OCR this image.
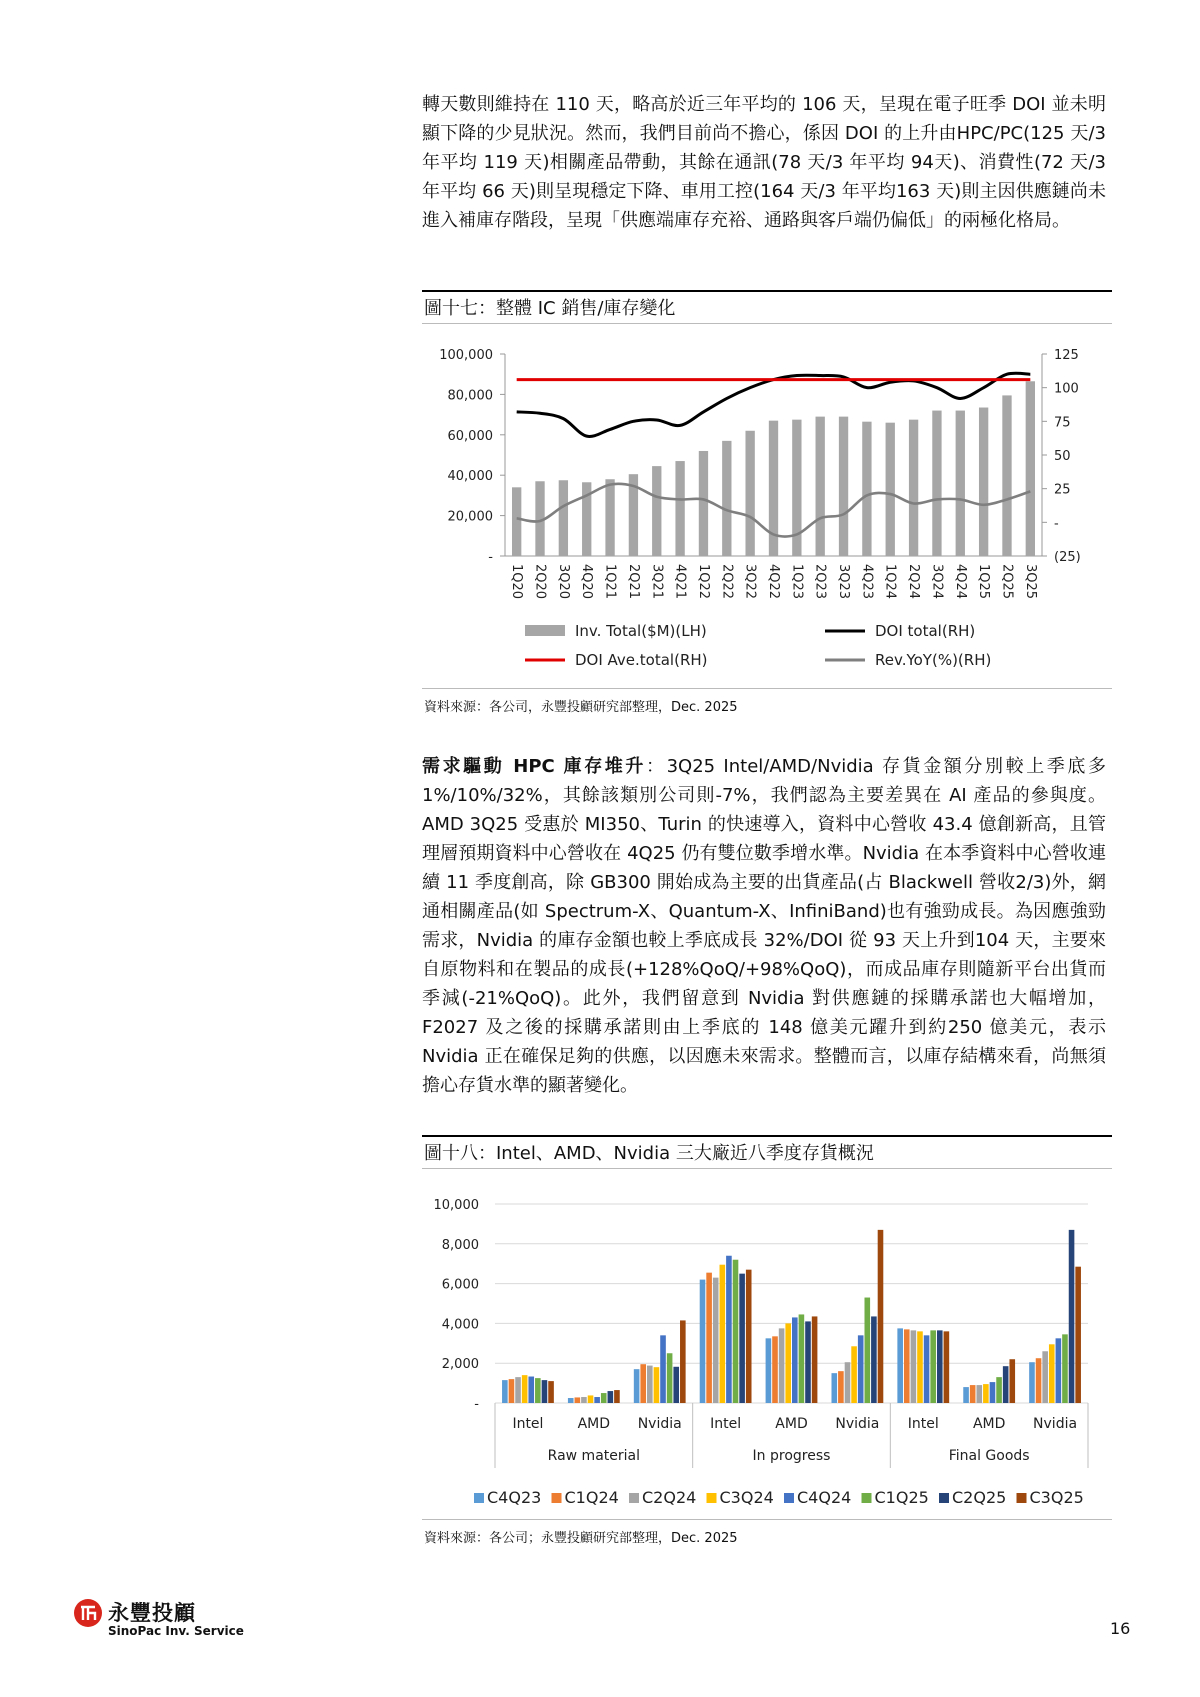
轉天數則維持在 110 天，略高於近三年平均的 106 天，呈現在電子旺季 DOI 並未明顯下降的少見狀況。然而，我們目前尚不擔心，係因 DOI 的上升由HPC/PC(125 天/3 年平均 119 天)相關產品帶動，其餘在通訊(78 天/3 年平均 94天)、消費性(72 天/3 年平均 66 天)則呈現穩定下降、車用工控(164 天/3 年平均163 天)則主因供應鏈尚未進入補庫存階段，呈現「供應端庫存充裕、通路與客戶端仍偏低」的兩極化格局。

圖十七：整體 IC 銷售/庫存變化
100,000
80,000
60,000
40,000
20,000
-
125
100
75
50
25
-
(25)
1Q20 2Q20 3Q20 4Q20 1Q21 2Q21 3Q21 4Q21 1Q22 2Q22 3Q22 4Q22 1Q23 2Q23 3Q23 4Q23 1Q24 2Q24 3Q24 4Q24 1Q25 2Q25 3Q25
Inv. Total($M)(LH)	DOI total(RH)
DOI Ave.total(RH)	Rev.YoY(%)(RH)
資料來源：各公司，永豐投顧研究部整理，Dec. 2025

需求驅動 HPC 庫存堆升：3Q25 Intel/AMD/Nvidia 存貨金額分別較上季底多1%/10%/32%，其餘該類別公司則-7%，我們認為主要差異在 AI 產品的參與度。AMD 3Q25 受惠於 MI350、Turin 的快速導入，資料中心營收 43.4 億創新高，且管理層預期資料中心營收在 4Q25 仍有雙位數季增水準。Nvidia 在本季資料中心營收連續 11 季度創高，除 GB300 開始成為主要的出貨產品(占 Blackwell 營收2/3)外，網通相關產品(如 Spectrum-X、Quantum-X、InfiniBand)也有強勁成長。為因應強勁需求，Nvidia 的庫存金額也較上季底成長 32%/DOI 從 93 天上升到104 天，主要來自原物料和在製品的成長(+128%QoQ/+98%QoQ)，而成品庫存則隨新平台出貨而季減(-21%QoQ)。此外，我們留意到 Nvidia 對供應鏈的採購承諾也大幅增加，F2027 及之後的採購承諾則由上季底的 148 億美元躍升到約250 億美元，表示 Nvidia 正在確保足夠的供應，以因應未來需求。整體而言，以庫存結構來看，尚無須擔心存貨水準的顯著變化。

圖十八：Intel、AMD、Nvidia 三大廠近八季度存貨概況
10,000
8,000
6,000
4,000
2,000
-
Intel AMD Nvidia
Raw material
Intel AMD Nvidia
In progress
Intel AMD Nvidia
Final Goods
C4Q23 C1Q24 C2Q24 C3Q24 C4Q24 C1Q25 C2Q25 C3Q25
資料來源：各公司；永豐投顧研究部整理，Dec. 2025
永豐投顧
SinoPac Inv. Service	16
